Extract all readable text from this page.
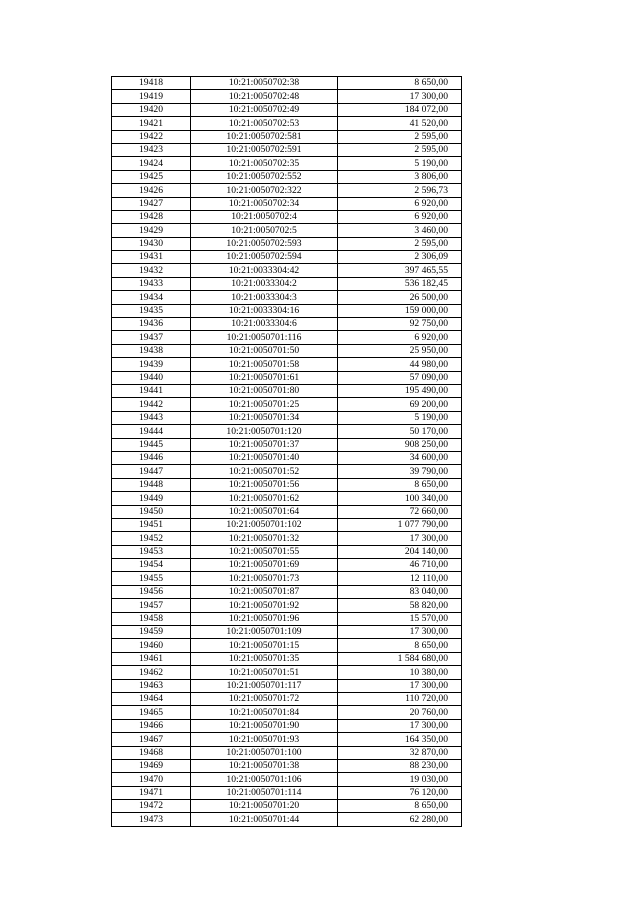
19418	10:21:0050702:38	8 650,00
19419	10:21:0050702:48	17 300,00
19420	10:21:0050702:49	184 072,00
19421	10:21:0050702:53	41 520,00
19422	10:21:0050702:581	2 595,00
19423	10:21:0050702:591	2 595,00
19424	10:21:0050702:35	5 190,00
19425	10:21:0050702:552	3 806,00
19426	10:21:0050702:322	2 596,73
19427	10:21:0050702:34	6 920,00
19428	10:21:0050702:4	6 920,00
19429	10:21:0050702:5	3 460,00
19430	10:21:0050702:593	2 595,00
19431	10:21:0050702:594	2 306,09
19432	10:21:0033304:42	397 465,55
19433	10:21:0033304:2	536 182,45
19434	10:21:0033304:3	26 500,00
19435	10:21:0033304:16	159 000,00
19436	10:21:0033304:6	92 750,00
19437	10:21:0050701:116	6 920,00
19438	10:21:0050701:50	25 950,00
19439	10:21:0050701:58	44 980,00
19440	10:21:0050701:61	57 090,00
19441	10:21:0050701:80	195 490,00
19442	10:21:0050701:25	69 200,00
19443	10:21:0050701:34	5 190,00
19444	10:21:0050701:120	50 170,00
19445	10:21:0050701:37	908 250,00
19446	10:21:0050701:40	34 600,00
19447	10:21:0050701:52	39 790,00
19448	10:21:0050701:56	8 650,00
19449	10:21:0050701:62	100 340,00
19450	10:21:0050701:64	72 660,00
19451	10:21:0050701:102	1 077 790,00
19452	10:21:0050701:32	17 300,00
19453	10:21:0050701:55	204 140,00
19454	10:21:0050701:69	46 710,00
19455	10:21:0050701:73	12 110,00
19456	10:21:0050701:87	83 040,00
19457	10:21:0050701:92	58 820,00
19458	10:21:0050701:96	15 570,00
19459	10:21:0050701:109	17 300,00
19460	10:21:0050701:15	8 650,00
19461	10:21:0050701:35	1 584 680,00
19462	10:21:0050701:51	10 380,00
19463	10:21:0050701:117	17 300,00
19464	10:21:0050701:72	110 720,00
19465	10:21:0050701:84	20 760,00
19466	10:21:0050701:90	17 300,00
19467	10:21:0050701:93	164 350,00
19468	10:21:0050701:100	32 870,00
19469	10:21:0050701:38	88 230,00
19470	10:21:0050701:106	19 030,00
19471	10:21:0050701:114	76 120,00
19472	10:21:0050701:20	8 650,00
19473	10:21:0050701:44	62 280,00
